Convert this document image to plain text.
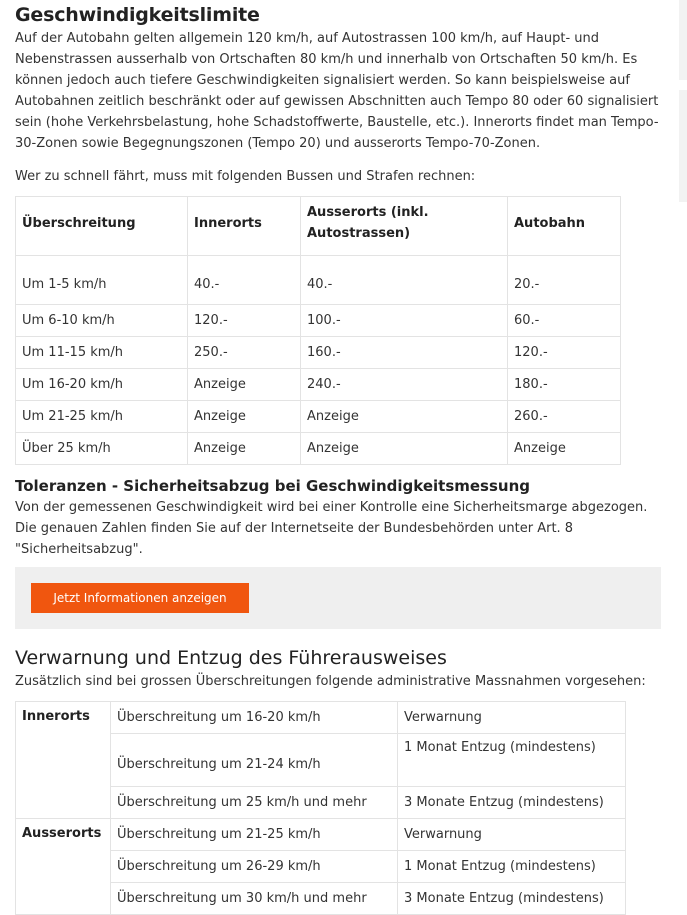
Geschwindigkeitslimite

Auf der Autobahn gelten allgemein 120 km/h, auf Autostrassen 100 km/h, auf Haupt- und Nebenstrassen ausserhalb von Ortschaften 80 km/h und innerhalb von Ortschaften 50 km/h. Es können jedoch auch tiefere Geschwindigkeiten signalisiert werden. So kann beispielsweise auf Autobahnen zeitlich beschränkt oder auf gewissen Abschnitten auch Tempo 80 oder 60 signalisiert sein (hohe Verkehrsbelastung, hohe Schadstoffwerte, Baustelle, etc.). Innerorts findet man Tempo-30-Zonen sowie Begegnungszonen (Tempo 20) und ausserorts Tempo-70-Zonen.

Wer zu schnell fährt, muss mit folgenden Bussen und Strafen rechnen:

Überschreitung	Innerorts	Ausserorts (inkl. Autostrassen)	Autobahn
Um 1-5 km/h	40.-	40.-	20.-
Um 6-10 km/h	120.-	100.-	60.-
Um 11-15 km/h	250.-	160.-	120.-
Um 16-20 km/h	Anzeige	240.-	180.-
Um 21-25 km/h	Anzeige	Anzeige	260.-
Über 25 km/h	Anzeige	Anzeige	Anzeige
Toleranzen - Sicherheitsabzug bei Geschwindigkeitsmessung

Von der gemessenen Geschwindigkeit wird bei einer Kontrolle eine Sicherheitsmarge abgezogen. Die genauen Zahlen finden Sie auf der Internetseite der Bundesbehörden unter Art. 8 "Sicherheitsabzug".

Jetzt Informationen anzeigen
Verwarnung und Entzug des Führerausweises

Zusätzlich sind bei grossen Überschreitungen folgende administrative Massnahmen vorgesehen:

Innerorts	Überschreitung um 16-20 km/h	Verwarnung
	Überschreitung um 21-24 km/h	1 Monat Entzug (mindestens)
	Überschreitung um 25 km/h und mehr	3 Monate Entzug (mindestens)
Ausserorts	Überschreitung um 21-25 km/h	Verwarnung
	Überschreitung um 26-29 km/h	1 Monat Entzug (mindestens)
	Überschreitung um 30 km/h und mehr	3 Monate Entzug (mindestens)
